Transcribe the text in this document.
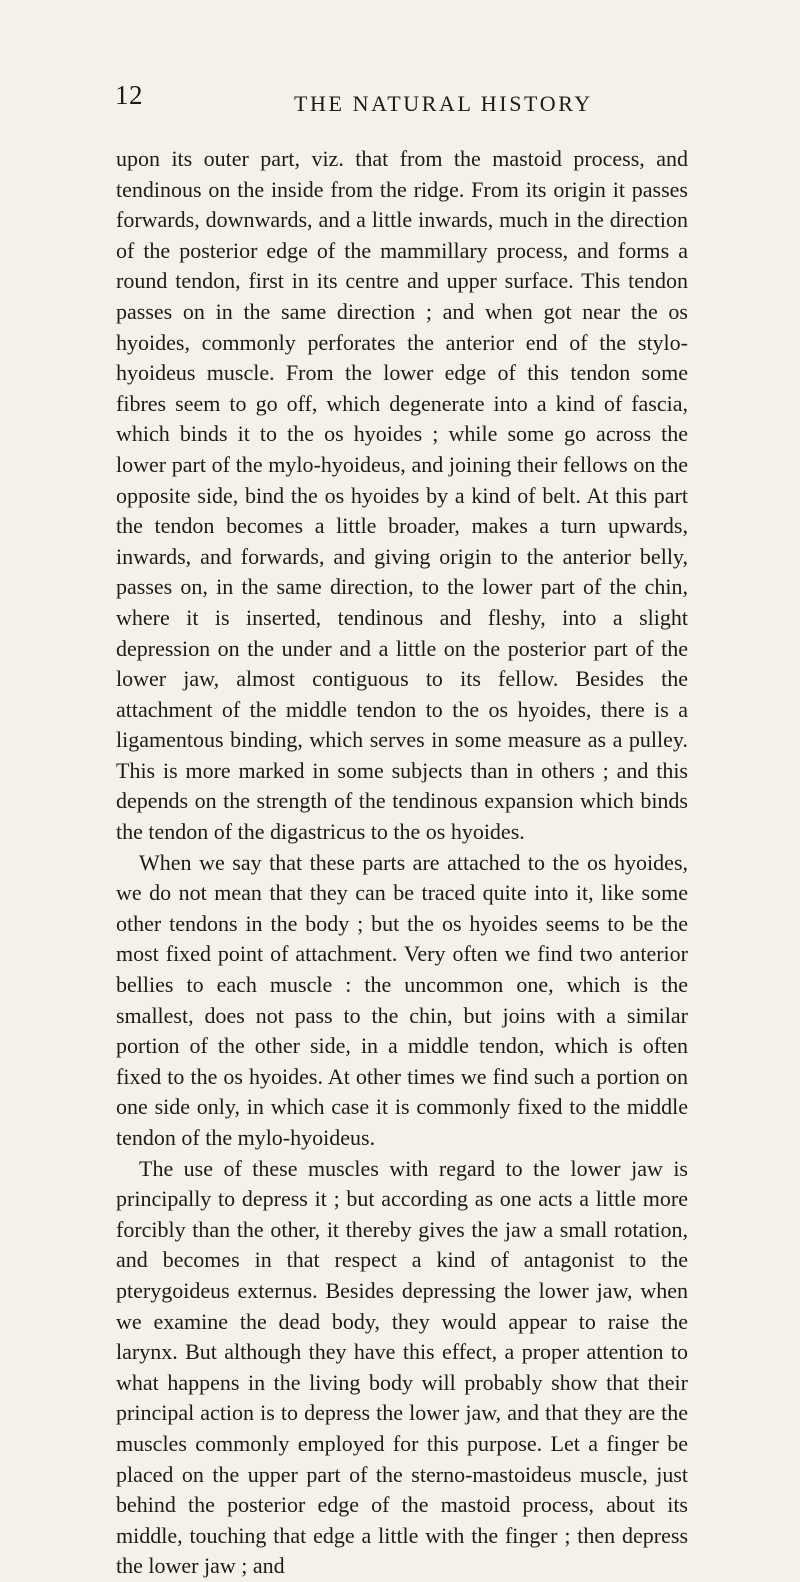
12	THE NATURAL HISTORY

upon its outer part, viz. that from the mastoid process, and tendinous on the inside from the ridge. From its origin it passes forwards, downwards, and a little inwards, much in the direction of the posterior edge of the mammillary process, and forms a round tendon, first in its centre and upper surface. This tendon passes on in the same direction ; and when got near the os hyoides, commonly perforates the anterior end of the stylo-hyoideus muscle. From the lower edge of this tendon some fibres seem to go off, which degenerate into a kind of fascia, which binds it to the os hyoides ; while some go across the lower part of the mylo-hyoideus, and joining their fellows on the opposite side, bind the os hyoides by a kind of belt. At this part the tendon becomes a little broader, makes a turn upwards, inwards, and forwards, and giving origin to the anterior belly, passes on, in the same direction, to the lower part of the chin, where it is inserted, tendinous and fleshy, into a slight depression on the under and a little on the posterior part of the lower jaw, almost contiguous to its fellow. Besides the attachment of the middle tendon to the os hyoides, there is a ligamentous binding, which serves in some measure as a pulley. This is more marked in some subjects than in others ; and this depends on the strength of the tendinous expansion which binds the tendon of the digastricus to the os hyoides.

When we say that these parts are attached to the os hyoides, we do not mean that they can be traced quite into it, like some other tendons in the body ; but the os hyoides seems to be the most fixed point of attachment. Very often we find two anterior bellies to each muscle : the uncommon one, which is the smallest, does not pass to the chin, but joins with a similar portion of the other side, in a middle tendon, which is often fixed to the os hyoides. At other times we find such a portion on one side only, in which case it is commonly fixed to the middle tendon of the mylo-hyoideus.

The use of these muscles with regard to the lower jaw is principally to depress it ; but according as one acts a little more forcibly than the other, it thereby gives the jaw a small rotation, and becomes in that respect a kind of antagonist to the pterygoideus externus. Besides depressing the lower jaw, when we examine the dead body, they would appear to raise the larynx. But although they have this effect, a proper attention to what happens in the living body will probably show that their principal action is to depress the lower jaw, and that they are the muscles commonly employed for this purpose. Let a finger be placed on the upper part of the sterno-mastoideus muscle, just behind the posterior edge of the mastoid process, about its middle, touching that edge a little with the finger ; then depress the lower jaw ; and
